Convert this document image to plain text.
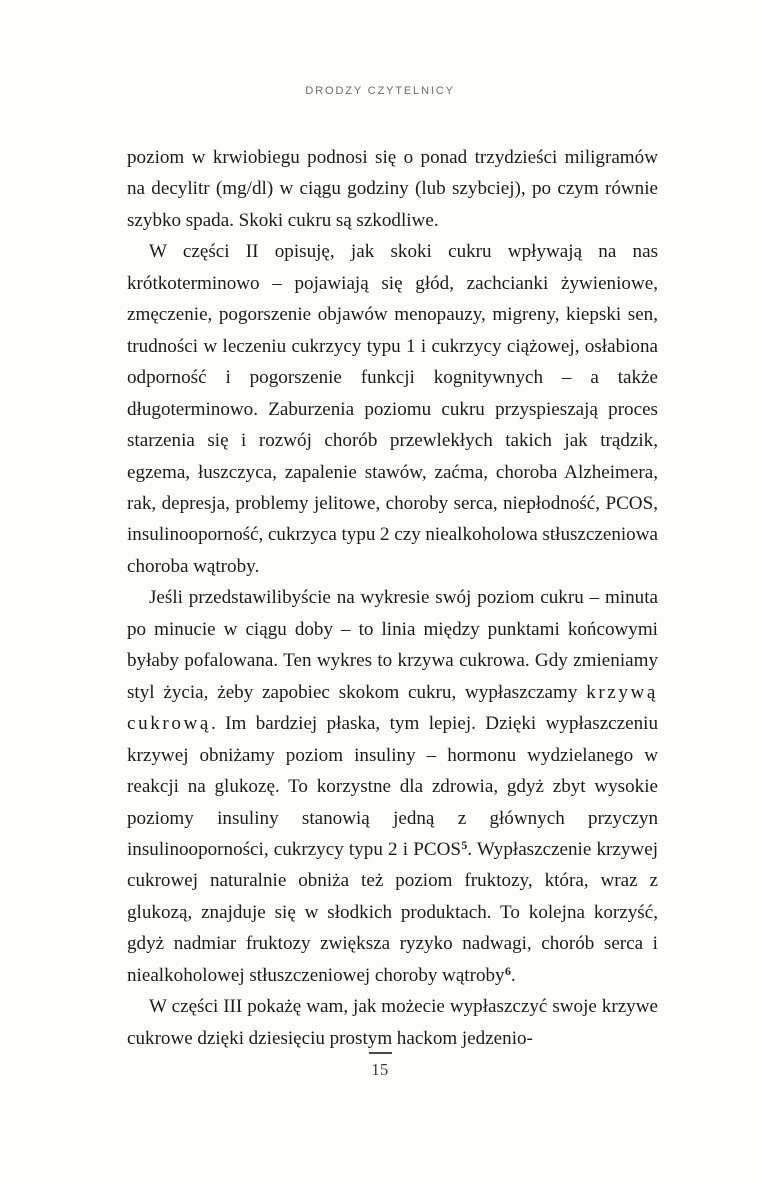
DRODZY CZYTELNICY

poziom w krwiobiegu podnosi się o ponad trzydzieści miligramów na decylitr (mg/dl) w ciągu godziny (lub szybciej), po czym równie szybko spada. Skoki cukru są szkodliwe.

W części II opisuję, jak skoki cukru wpływają na nas krótkoterminowo – pojawiają się głód, zachcianki żywieniowe, zmęczenie, pogorszenie objawów menopauzy, migreny, kiepski sen, trudności w leczeniu cukrzycy typu 1 i cukrzycy ciążowej, osłabiona odporność i pogorszenie funkcji kognitywnych – a także długoterminowo. Zaburzenia poziomu cukru przyspieszają proces starzenia się i rozwój chorób przewlekłych takich jak trądzik, egzema, łuszczyca, zapalenie stawów, zaćma, choroba Alzheimera, rak, depresja, problemy jelitowe, choroby serca, niepłodność, PCOS, insulinooporność, cukrzyca typu 2 czy niealkoholowa stłuszczeniowa choroba wątroby.

Jeśli przedstawilibyście na wykresie swój poziom cukru – minuta po minucie w ciągu doby – to linia między punktami końcowymi byłaby pofalowana. Ten wykres to krzywa cukrowa. Gdy zmieniamy styl życia, żeby zapobiec skokom cukru, wypłaszczamy krzywą cukrową. Im bardziej płaska, tym lepiej. Dzięki wypłaszczeniu krzywej obniżamy poziom insuliny – hormonu wydzielanego w reakcji na glukozę. To korzystne dla zdrowia, gdyż zbyt wysokie poziomy insuliny stanowią jedną z głównych przyczyn insulinooporności, cukrzycy typu 2 i PCOS$^5$. Wypłaszczenie krzywej cukrowej naturalnie obniża też poziom fruktozy, która, wraz z glukozą, znajduje się w słodkich produktach. To kolejna korzyść, gdyż nadmiar fruktozy zwiększa ryzyko nadwagi, chorób serca i niealkoholowej stłuszczeniowej choroby wątroby$^6$.

W części III pokażę wam, jak możecie wypłaszczyć swoje krzywe cukrowe dzięki dziesięciu prostym hackom jedzenio-

15
